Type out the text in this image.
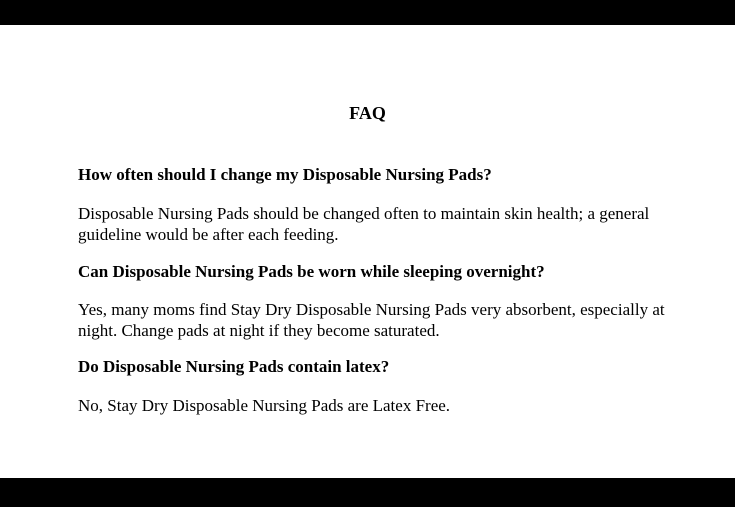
FAQ

How often should I change my Disposable Nursing Pads?

Disposable Nursing Pads should be changed often to maintain skin health; a general guideline would be after each feeding.

Can Disposable Nursing Pads be worn while sleeping overnight?

Yes, many moms find Stay Dry Disposable Nursing Pads very absorbent, especially at night. Change pads at night if they become saturated.

Do Disposable Nursing Pads contain latex?

No, Stay Dry Disposable Nursing Pads are Latex Free.
